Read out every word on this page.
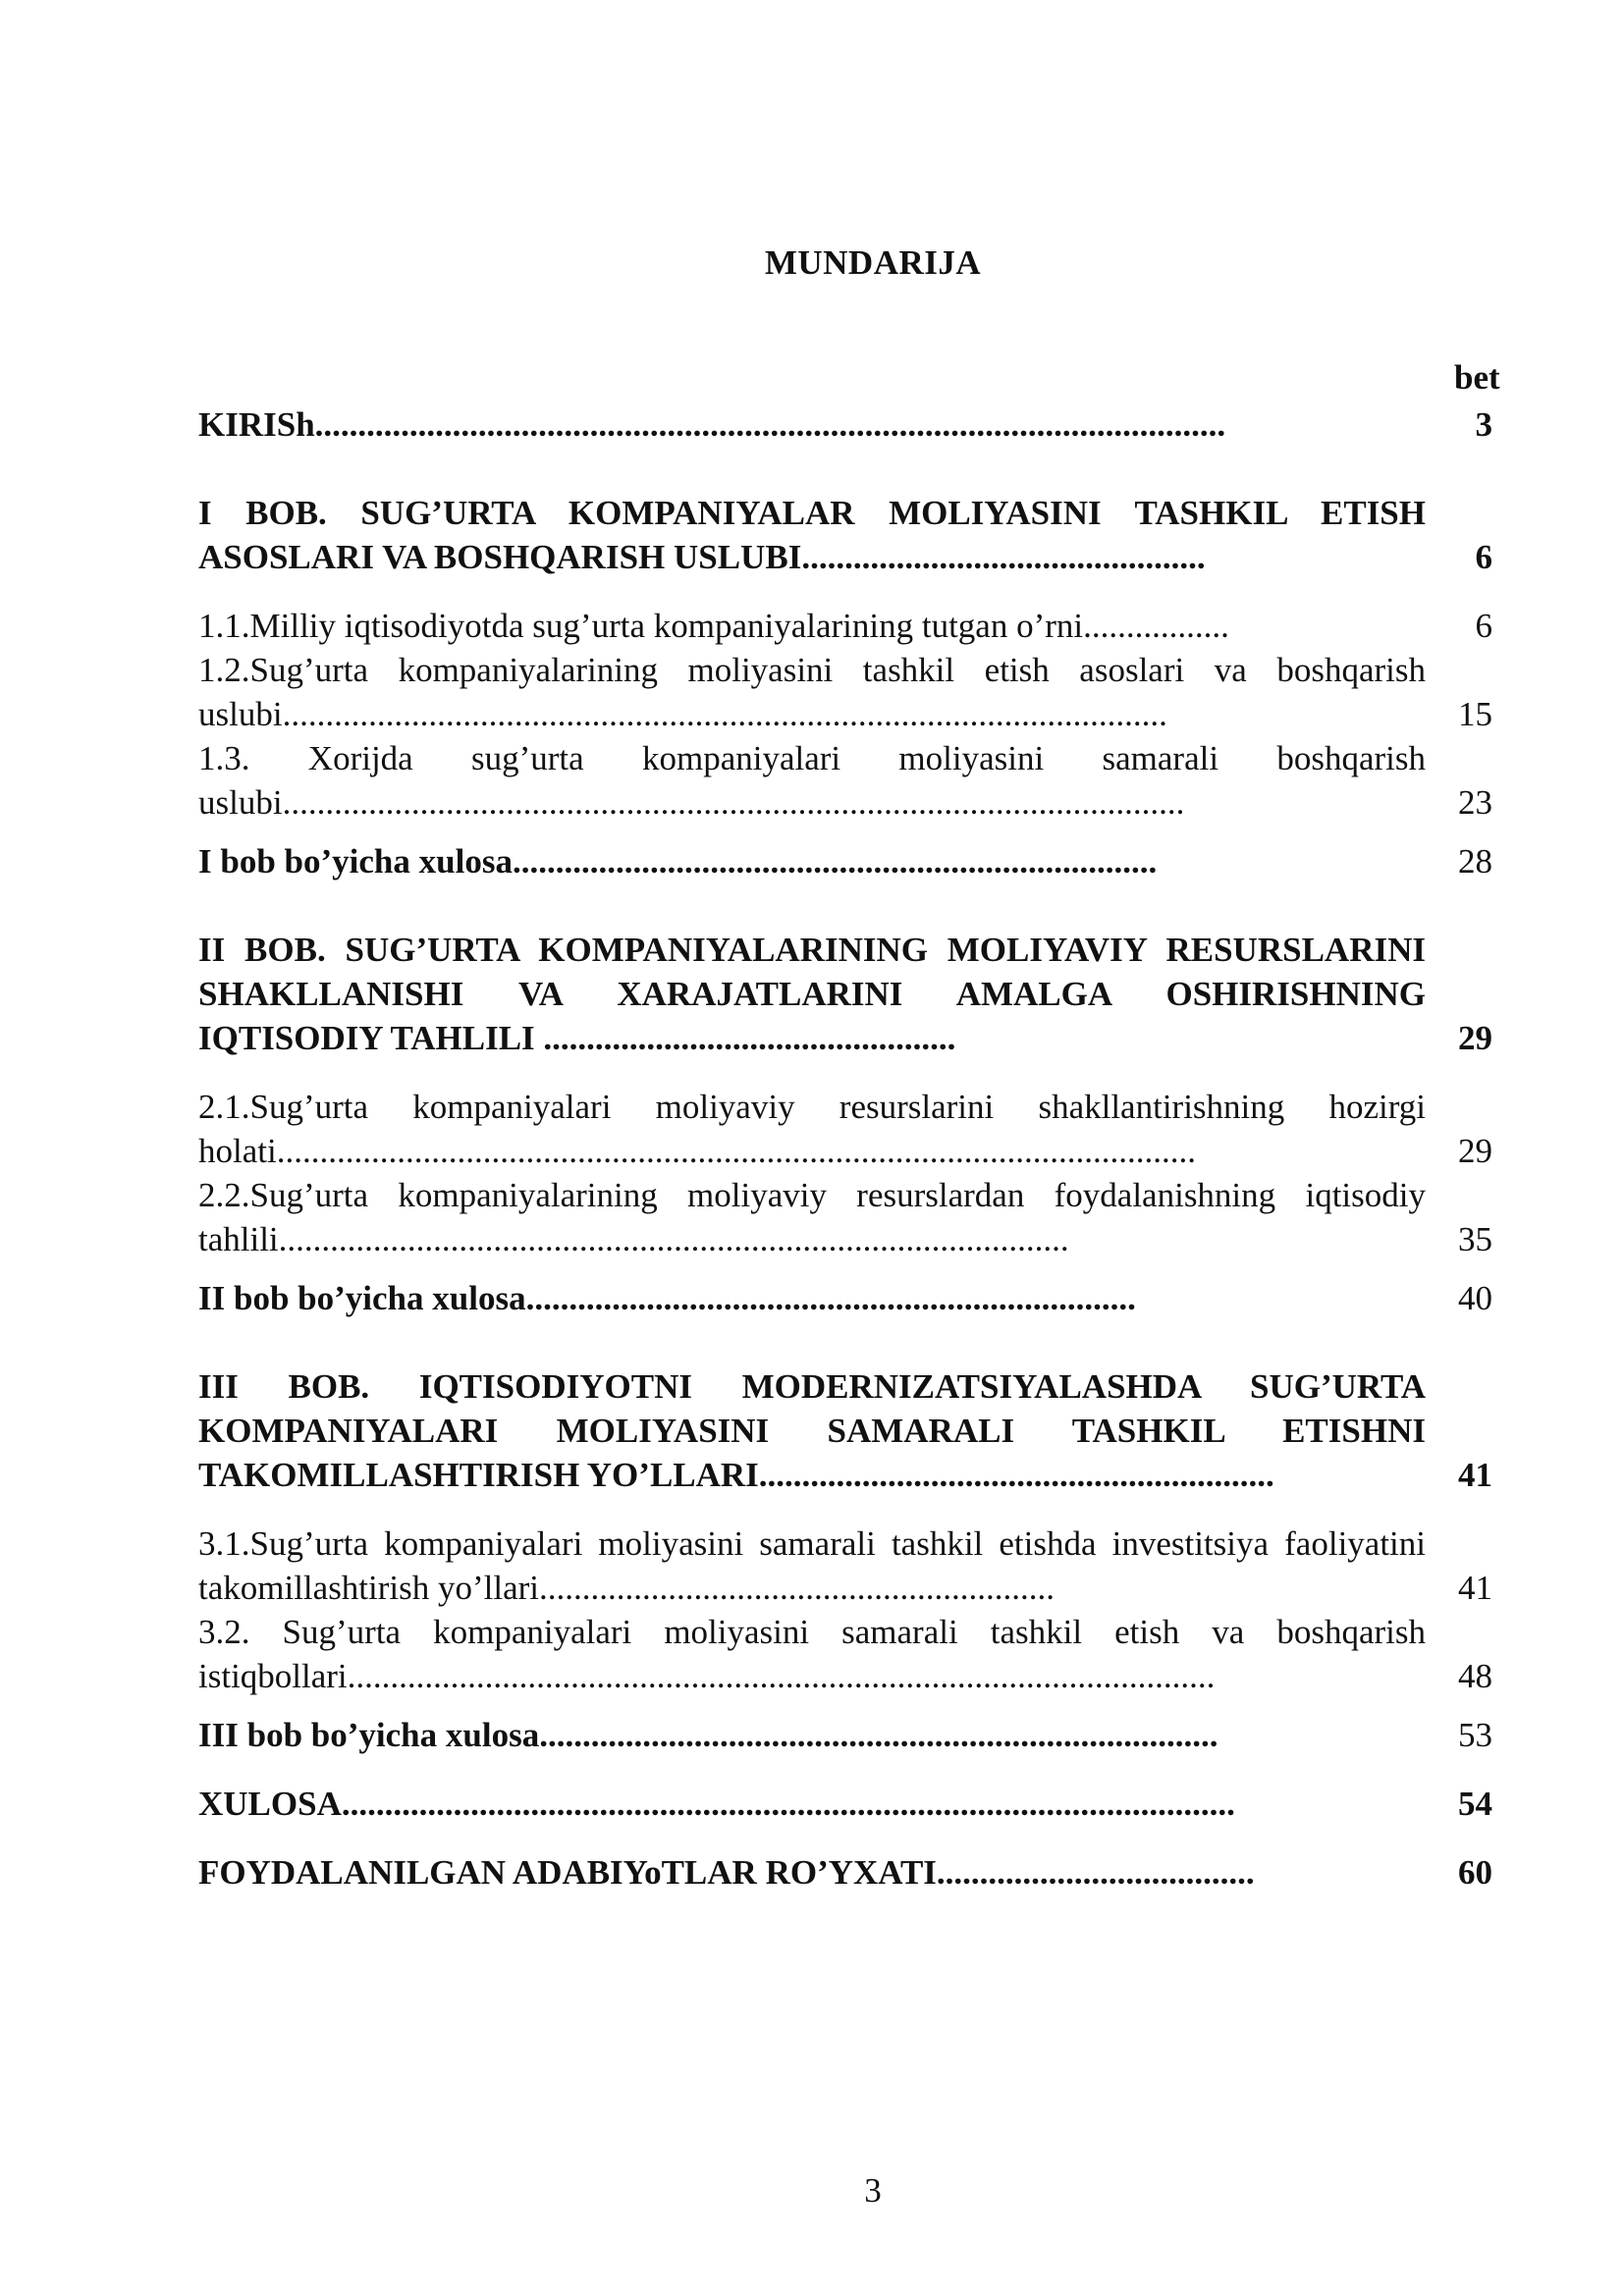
MUNDARIJA
bet
KIRISh..........................................................................................................	3
I BOB. SUG’URTA KOMPANIYALAR MOLIYASINI TASHKIL ETISH ASOSLARI VA BOSHQARISH USLUBI...............................................	6
1.1.Milliy iqtisodiyotda sug’urta kompaniyalarining tutgan o’rni.................	6
1.2.Sug’urta kompaniyalarining moliyasini tashkil etish asoslari va boshqarish uslubi.......................................................................................................	15
1.3. Xorijda sug’urta kompaniyalari moliyasini samarali boshqarish uslubi.........................................................................................................	23
I bob bo’yicha xulosa...........................................................................	28
II BOB. SUG’URTA KOMPANIYALARINING MOLIYAVIY RESURSLARINI SHAKLLANISHI VA XARAJATLARINI AMALGA OSHIRISHNING IQTISODIY TAHLILI ................................................	29
2.1.Sug’urta kompaniyalari moliyaviy resurslarini shakllantirishning hozirgi holati...........................................................................................................	29
2.2.Sug’urta kompaniyalarining moliyaviy resurslardan foydalanishning iqtisodiy tahlili............................................................................................	35
II bob bo’yicha xulosa.......................................................................	40
III BOB. IQTISODIYOTNI MODERNIZATSIYALASHDA SUG’URTA KOMPANIYALARI MOLIYASINI SAMARALI TASHKIL ETISHNI TAKOMILLASHTIRISH YO’LLARI............................................................	41
3.1.Sug’urta kompaniyalari moliyasini samarali tashkil etishda investitsiya faoliyatini takomillashtirish yo’llari............................................................	41
3.2. Sug’urta kompaniyalari moliyasini samarali tashkil etish va boshqarish istiqbollari.....................................................................................................	48
III bob bo’yicha xulosa...............................................................................	53
XULOSA........................................................................................................	54
FOYDALANILGAN ADABIYoTLAR RO’YXATI.....................................	60
3
